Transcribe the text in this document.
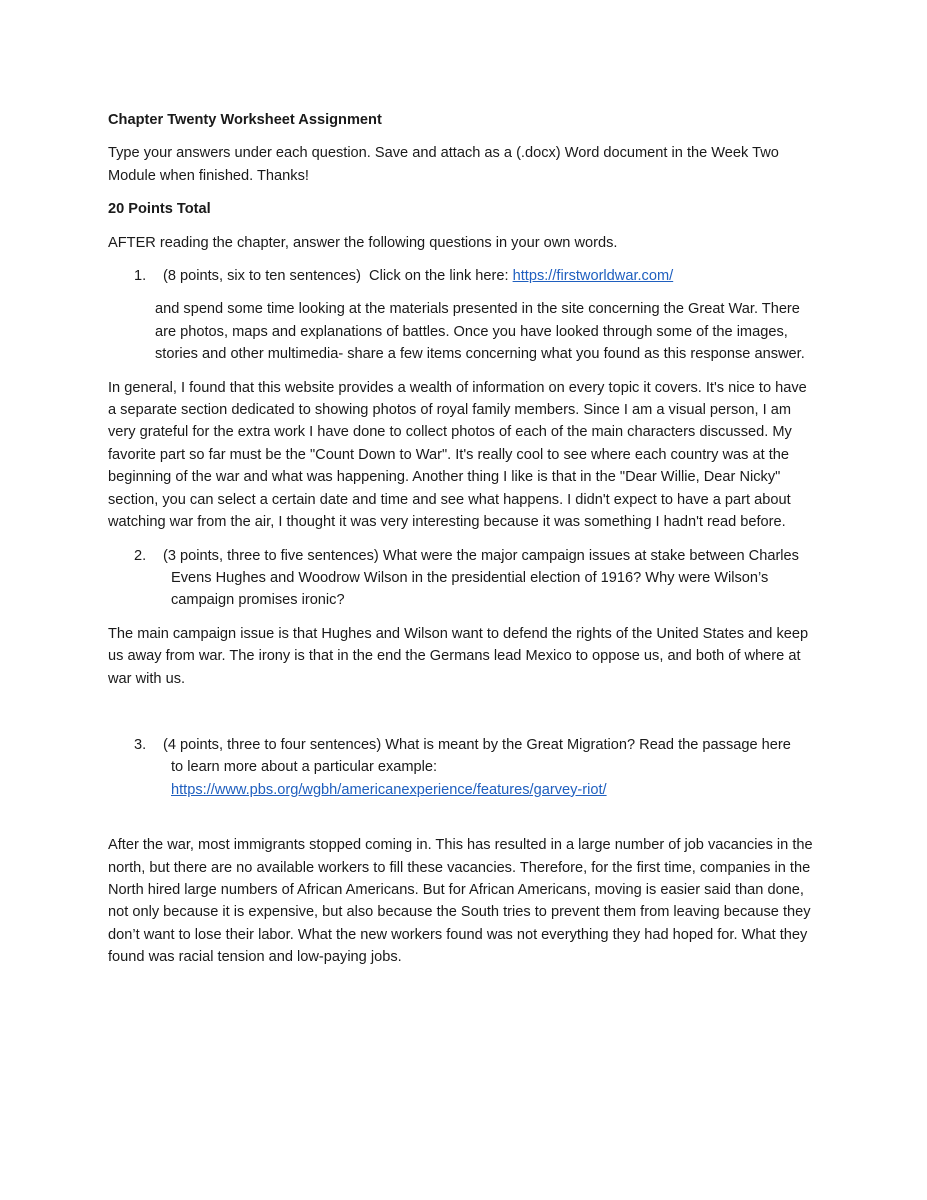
Chapter Twenty Worksheet Assignment

Type your answers under each question. Save and attach as a (.docx) Word document in the Week Two Module when finished. Thanks!

20 Points Total

AFTER reading the chapter, answer the following questions in your own words.

1. (8 points, six to ten sentences)  Click on the link here: https://firstworldwar.com/

and spend some time looking at the materials presented in the site concerning the Great War. There are photos, maps and explanations of battles. Once you have looked through some of the images, stories and other multimedia- share a few items concerning what you found as this response answer.

In general, I found that this website provides a wealth of information on every topic it covers. It's nice to have a separate section dedicated to showing photos of royal family members. Since I am a visual person, I am very grateful for the extra work I have done to collect photos of each of the main characters discussed. My favorite part so far must be the "Count Down to War". It's really cool to see where each country was at the beginning of the war and what was happening. Another thing I like is that in the "Dear Willie, Dear Nicky" section, you can select a certain date and time and see what happens. I didn't expect to have a part about watching war from the air, I thought it was very interesting because it was something I hadn't read before.

2. (3 points, three to five sentences) What were the major campaign issues at stake between Charles
Evens Hughes and Woodrow Wilson in the presidential election of 1916? Why were Wilson’s campaign promises ironic?

The main campaign issue is that Hughes and Wilson want to defend the rights of the United States and keep us away from war. The irony is that in the end the Germans lead Mexico to oppose us, and both of where at war with us.

3. (4 points, three to four sentences) What is meant by the Great Migration? Read the passage here
to learn more about a particular example:
https://www.pbs.org/wgbh/americanexperience/features/garvey-riot/

After the war, most immigrants stopped coming in. This has resulted in a large number of job vacancies in the north, but there are no available workers to fill these vacancies. Therefore, for the first time, companies in the North hired large numbers of African Americans. But for African Americans, moving is easier said than done, not only because it is expensive, but also because the South tries to prevent them from leaving because they don’t want to lose their labor. What the new workers found was not everything they had hoped for. What they found was racial tension and low-paying jobs.
